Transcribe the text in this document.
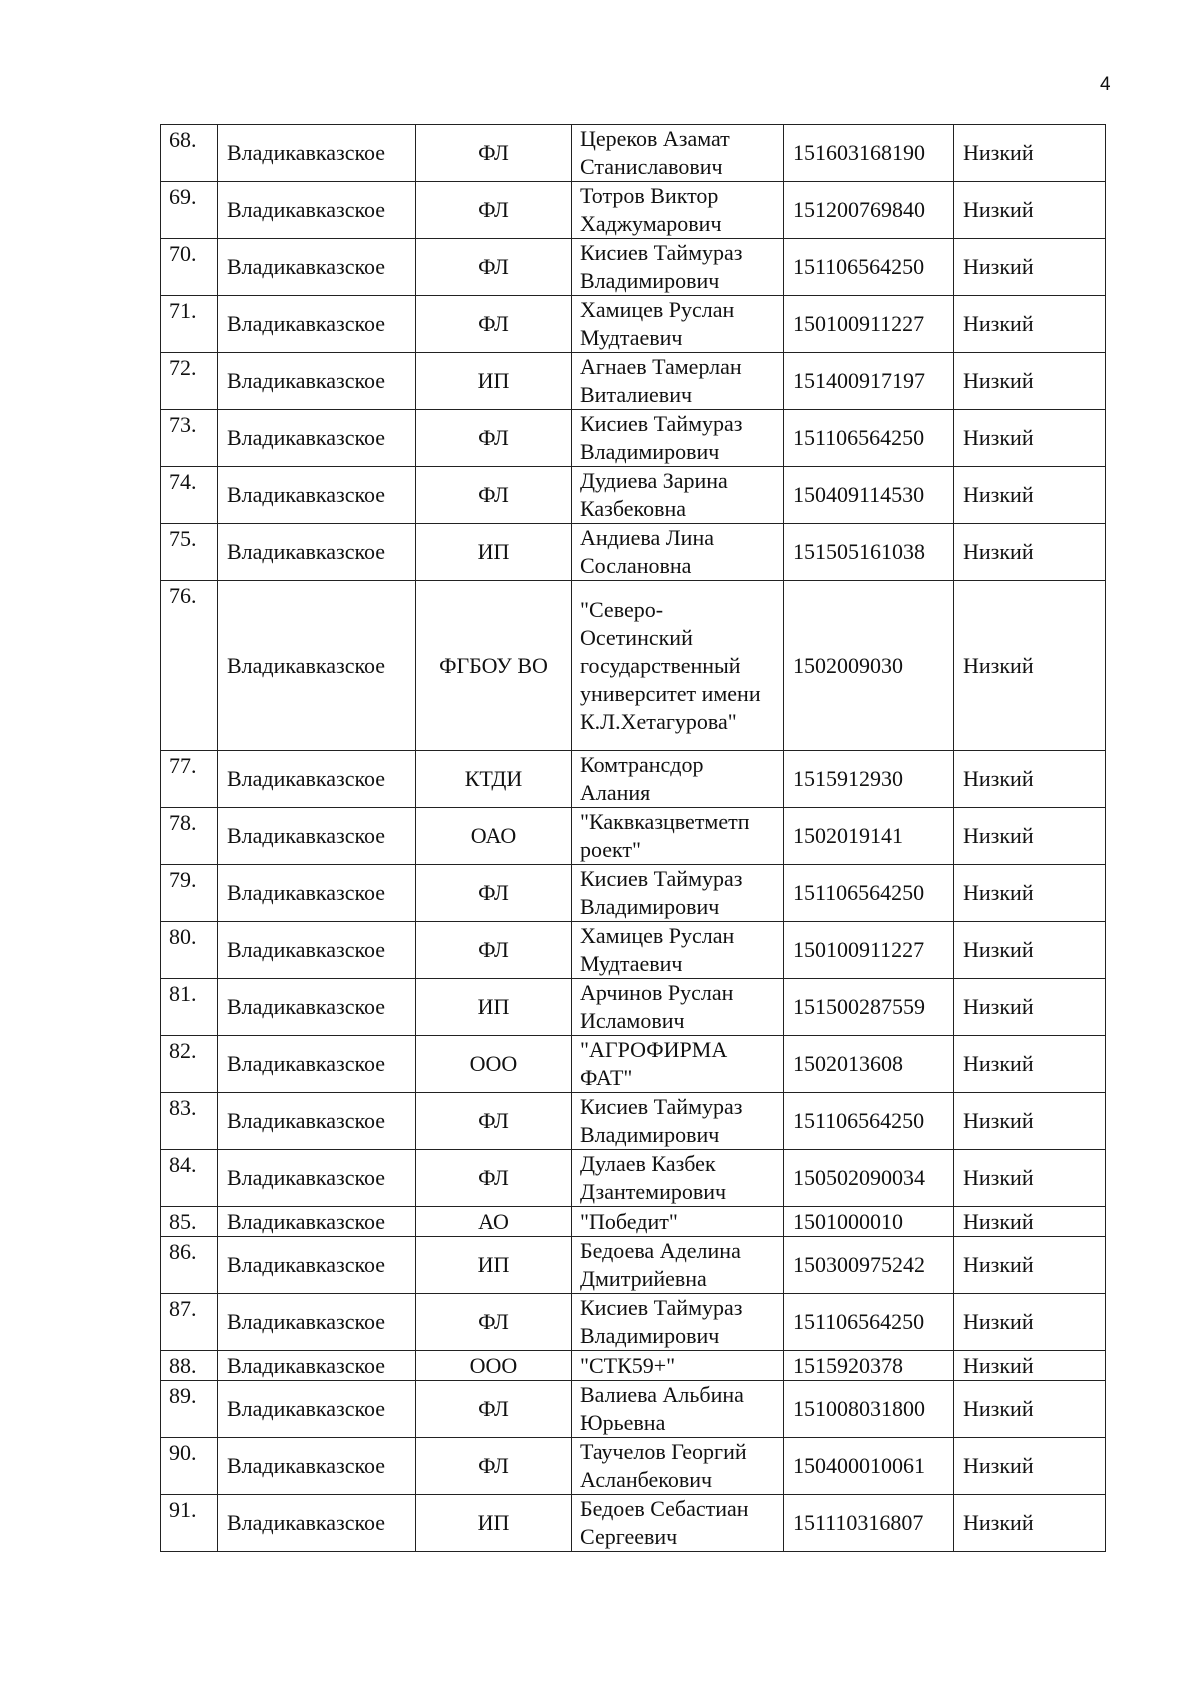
4
68.	Владикавказское	ФЛ	Цереков Азамат Станиславович	151603168190	Низкий
69.	Владикавказское	ФЛ	Тотров Виктор Хаджумарович	151200769840	Низкий
70.	Владикавказское	ФЛ	Кисиев Таймураз Владимирович	151106564250	Низкий
71.	Владикавказское	ФЛ	Хамицев Руслан Мудтаевич	150100911227	Низкий
72.	Владикавказское	ИП	Агнаев Тамерлан Виталиевич	151400917197	Низкий
73.	Владикавказское	ФЛ	Кисиев Таймураз Владимирович	151106564250	Низкий
74.	Владикавказское	ФЛ	Дудиева Зарина Казбековна	150409114530	Низкий
75.	Владикавказское	ИП	Андиева Лина Сослановна	151505161038	Низкий
76.	Владикавказское	ФГБОУ ВО	"Северо-Осетинский государственный университет имени К.Л.Хетагурова"	1502009030	Низкий
77.	Владикавказское	КТДИ	Комтрансдор Алания	1515912930	Низкий
78.	Владикавказское	ОАО	"Каквказцветметп роект"	1502019141	Низкий
79.	Владикавказское	ФЛ	Кисиев Таймураз Владимирович	151106564250	Низкий
80.	Владикавказское	ФЛ	Хамицев Руслан Мудтаевич	150100911227	Низкий
81.	Владикавказское	ИП	Арчинов Руслан Исламович	151500287559	Низкий
82.	Владикавказское	ООО	"АГРОФИРМА ФАТ"	1502013608	Низкий
83.	Владикавказское	ФЛ	Кисиев Таймураз Владимирович	151106564250	Низкий
84.	Владикавказское	ФЛ	Дулаев Казбек Дзантемирович	150502090034	Низкий
85.	Владикавказское	АО	"Победит"	1501000010	Низкий
86.	Владикавказское	ИП	Бедоева Аделина Дмитрийевна	150300975242	Низкий
87.	Владикавказское	ФЛ	Кисиев Таймураз Владимирович	151106564250	Низкий
88.	Владикавказское	ООО	"СТК59+"	1515920378	Низкий
89.	Владикавказское	ФЛ	Валиева Альбина Юрьевна	151008031800	Низкий
90.	Владикавказское	ФЛ	Таучелов Георгий Асланбекович	150400010061	Низкий
91.	Владикавказское	ИП	Бедоев Себастиан Сергеевич	151110316807	Низкий
